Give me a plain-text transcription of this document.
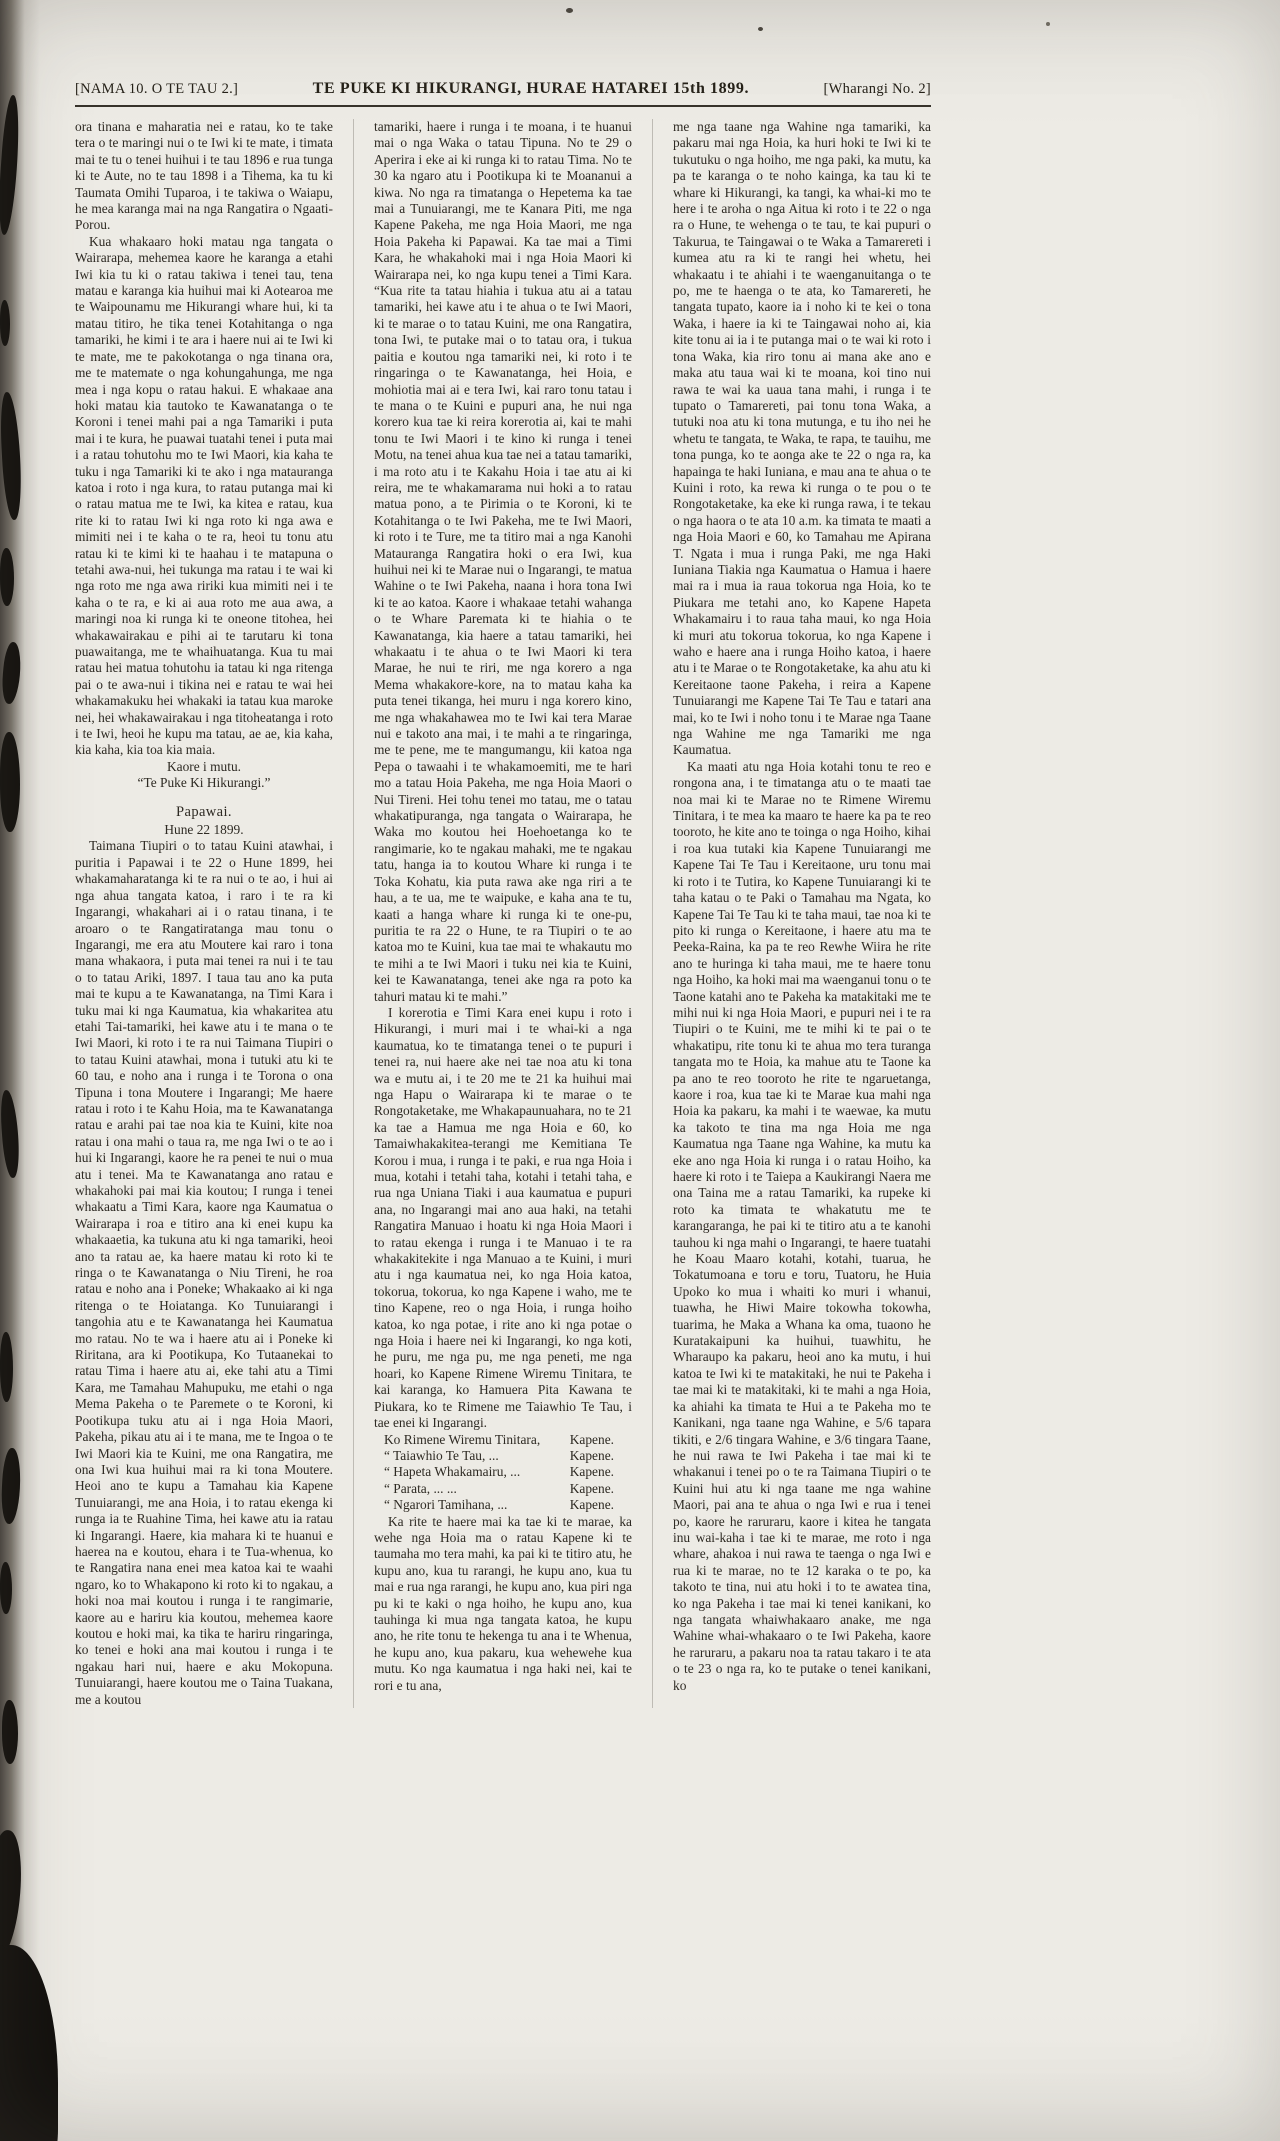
[NAMA 10. O TE TAU 2.]	TE PUKE KI HIKURANGI, HURAE HATAREI 15th 1899.	[Wharangi No. 2]
ora tinana e maharatia nei e ratau, ko te take tera o te maringi nui o te Iwi ki te mate, i timata mai te tu o tenei huihui i te tau 1896 e rua tunga ki te Aute, no te tau 1898 i a Tihema, ka tu ki Taumata Omihi Tuparoa, i te takiwa o Waiapu, he mea karanga mai na nga Rangatira o Ngaati-Porou.
Kua whakaaro hoki matau nga tangata o Wairarapa, mehemea kaore he karanga a etahi Iwi kia tu ki o ratau takiwa i tenei tau, tena matau e karanga kia huihui mai ki Aotearoa me te Waipounamu me Hikurangi whare hui, ki ta matau titiro, he tika tenei Kotahitanga o nga tamariki, he kimi i te ara i haere nui ai te Iwi ki te mate, me te pakokotanga o nga tinana ora, me te matemate o nga kohungahunga, me nga mea i nga kopu o ratau hakui. E whakaae ana hoki matau kia tautoko te Kawanatanga o te Koroni i tenei mahi pai a nga Tamariki i puta mai i te kura, he puawai tuatahi tenei i puta mai i a ratau tohutohu mo te Iwi Maori, kia kaha te tuku i nga Tamariki ki te ako i nga matauranga katoa i roto i nga kura, to ratau putanga mai ki o ratau matua me te Iwi, ka kitea e ratau, kua rite ki to ratau Iwi ki nga roto ki nga awa e mimiti nei i te kaha o te ra, heoi tu tonu atu ratau ki te kimi ki te haahau i te matapuna o tetahi awa-nui, hei tukunga ma ratau i te wai ki nga roto me nga awa ririki kua mimiti nei i te kaha o te ra, e ki ai aua roto me aua awa, a maringi noa ki runga ki te oneone titohea, hei whakawairakau e pihi ai te tarutaru ki tona puawaitanga, me te whaihuatanga. Kua tu mai ratau hei matua tohutohu ia tatau ki nga ritenga pai o te awa-nui i tikina nei e ratau te wai hei whakamakuku hei whakaki ia tatau kua maroke nei, hei whakawairakau i nga titoheatanga i roto i te Iwi, heoi he kupu ma tatau, ae ae, kia kaha, kia kaha, kia toa kia maia.
Kaore i mutu.
“Te Puke Ki Hikurangi.”
Papawai.
Hune 22 1899.
Taimana Tiupiri o to tatau Kuini atawhai, i puritia i Papawai i te 22 o Hune 1899, hei whakamaharatanga ki te ra nui o te ao, i hui ai nga ahua tangata katoa, i raro i te ra ki Ingarangi, whakahari ai i o ratau tinana, i te aroaro o te Rangatiratanga mau tonu o Ingarangi, me era atu Moutere kai raro i tona mana whakaora, i puta mai tenei ra nui i te tau o to tatau Ariki, 1897. I taua tau ano ka puta mai te kupu a te Kawanatanga, na Timi Kara i tuku mai ki nga Kaumatua, kia whakaritea atu etahi Tai-tamariki, hei kawe atu i te mana o te Iwi Maori, ki roto i te ra nui Taimana Tiupiri o to tatau Kuini atawhai, mona i tutuki atu ki te 60 tau, e noho ana i runga i te Torona o ona Tipuna i tona Moutere i Ingarangi; Me haere ratau i roto i te Kahu Hoia, ma te Kawanatanga ratau e arahi pai tae noa kia te Kuini, kite noa ratau i ona mahi o taua ra, me nga Iwi o te ao i hui ki Ingarangi, kaore he ra penei te nui o mua atu i tenei. Ma te Kawanatanga ano ratau e whakahoki pai mai kia koutou; I runga i tenei whakaatu a Timi Kara, kaore nga Kaumatua o Wairarapa i roa e titiro ana ki enei kupu ka whakaaetia, ka tukuna atu ki nga tamariki, heoi ano ta ratau ae, ka haere matau ki roto ki te ringa o te Kawanatanga o Niu Tireni, he roa ratau e noho ana i Poneke; Whakaako ai ki nga ritenga o te Hoiatanga. Ko Tunuiarangi i tangohia atu e te Kawanatanga hei Kaumatua mo ratau. No te wa i haere atu ai i Poneke ki Riritana, ara ki Pootikupa, Ko Tutaanekai to ratau Tima i haere atu ai, eke tahi atu a Timi Kara, me Tamahau Mahupuku, me etahi o nga Mema Pakeha o te Paremete o te Koroni, ki Pootikupa tuku atu ai i nga Hoia Maori, Pakeha, pikau atu ai i te mana, me te Ingoa o te Iwi Maori kia te Kuini, me ona Rangatira, me ona Iwi kua huihui mai ra ki tona Moutere. Heoi ano te kupu a Tamahau kia Kapene Tunuiarangi, me ana Hoia, i to ratau ekenga ki runga ia te Ruahine Tima, hei kawe atu ia ratau ki Ingarangi. Haere, kia mahara ki te huanui e haerea na e koutou, ehara i te Tua-whenua, ko te Rangatira nana enei mea katoa kai te waahi ngaro, ko to Whakapono ki roto ki to ngakau, a hoki noa mai koutou i runga i te rangimarie, kaore au e hariru kia koutou, mehemea kaore koutou e hoki mai, ka tika te hariru ringaringa, ko tenei e hoki ana mai koutou i runga i te ngakau hari nui, haere e aku Mokopuna. Tunuiarangi, haere koutou me o Taina Tuakana, me a koutou
tamariki, haere i runga i te moana, i te huanui mai o nga Waka o tatau Tipuna. No te 29 o Aperira i eke ai ki runga ki to ratau Tima. No te 30 ka ngaro atu i Pootikupa ki te Moananui a kiwa. No nga ra timatanga o Hepetema ka tae mai a Tunuiarangi, me te Kanara Piti, me nga Kapene Pakeha, me nga Hoia Maori, me nga Hoia Pakeha ki Papawai. Ka tae mai a Timi Kara, he whakahoki mai i nga Hoia Maori ki Wairarapa nei, ko nga kupu tenei a Timi Kara. “Kua rite ta tatau hiahia i tukua atu ai a tatau tamariki, hei kawe atu i te ahua o te Iwi Maori, ki te marae o to tatau Kuini, me ona Rangatira, tona Iwi, te putake mai o to tatau ora, i tukua paitia e koutou nga tamariki nei, ki roto i te ringaringa o te Kawanatanga, hei Hoia, e mohiotia mai ai e tera Iwi, kai raro tonu tatau i te mana o te Kuini e pupuri ana, he nui nga korero kua tae ki reira korerotia ai, kai te mahi tonu te Iwi Maori i te kino ki runga i tenei Motu, na tenei ahua kua tae nei a tatau tamariki, i ma roto atu i te Kakahu Hoia i tae atu ai ki reira, me te whakamarama nui hoki a to ratau matua pono, a te Pirimia o te Koroni, ki te Kotahitanga o te Iwi Pakeha, me te Iwi Maori, ki roto i te Ture, me ta titiro mai a nga Kanohi Matauranga Rangatira hoki o era Iwi, kua huihui nei ki te Marae nui o Ingarangi, te matua Wahine o te Iwi Pakeha, naana i hora tona Iwi ki te ao katoa. Kaore i whakaae tetahi wahanga o te Whare Paremata ki te hiahia o te Kawanatanga, kia haere a tatau tamariki, hei whakaatu i te ahua o te Iwi Maori ki tera Marae, he nui te riri, me nga korero a nga Mema whakakore-kore, na to matau kaha ka puta tenei tikanga, hei muru i nga korero kino, me nga whakahawea mo te Iwi kai tera Marae nui e takoto ana mai, i te mahi a te ringaringa, me te pene, me te mangumangu, kii katoa nga Pepa o tawaahi i te whakamoemiti, me te hari mo a tatau Hoia Pakeha, me nga Hoia Maori o Nui Tireni. Hei tohu tenei mo tatau, me o tatau whakatipuranga, nga tangata o Wairarapa, he Waka mo koutou hei Hoehoetanga ko te rangimarie, ko te ngakau mahaki, me te ngakau tatu, hanga ia to koutou Whare ki runga i te Toka Kohatu, kia puta rawa ake nga riri a te hau, a te ua, me te waipuke, e kaha ana te tu, kaati a hanga whare ki runga ki te one-pu, puritia te ra 22 o Hune, te ra Tiupiri o te ao katoa mo te Kuini, kua tae mai te whakautu mo te mihi a te Iwi Maori i tuku nei kia te Kuini, kei te Kawanatanga, tenei ake nga ra poto ka tahuri matau ki te mahi.”
I korerotia e Timi Kara enei kupu i roto i Hikurangi, i muri mai i te whai-ki a nga kaumatua, ko te timatanga tenei o te pupuri i tenei ra, nui haere ake nei tae noa atu ki tona wa e mutu ai, i te 20 me te 21 ka huihui mai nga Hapu o Wairarapa ki te marae o te Rongotaketake, me Whakapaunuahara, no te 21 ka tae a Hamua me nga Hoia e 60, ko Tamaiwhakakitea-terangi me Kemitiana Te Korou i mua, i runga i te paki, e rua nga Hoia i mua, kotahi i tetahi taha, kotahi i tetahi taha, e rua nga Uniana Tiaki i aua kaumatua e pupuri ana, no Ingarangi mai ano aua haki, na tetahi Rangatira Manuao i hoatu ki nga Hoia Maori i to ratau ekenga i runga i te Manuao i te ra whakakitekite i nga Manuao a te Kuini, i muri atu i nga kaumatua nei, ko nga Hoia katoa, tokorua, tokorua, ko nga Kapene i waho, me te tino Kapene, reo o nga Hoia, i runga hoiho katoa, ko nga potae, i rite ano ki nga potae o nga Hoia i haere nei ki Ingarangi, ko nga koti, he puru, me nga pu, me nga peneti, me nga hoari, ko Kapene Rimene Wiremu Tinitara, te kai karanga, ko Hamuera Pita Kawana te Piukara, ko te Rimene me Taiawhio Te Tau, i tae enei ki Ingarangi.
Ko Rimene Wiremu Tinitara, Kapene.
“ Taiawhio Te Tau, ...	Kapene.
“ Hapeta Whakamairu, ...	Kapene.
“ Parata, ... ...	Kapene.
“ Ngarori Tamihana, ...	Kapene.
Ka rite te haere mai ka tae ki te marae, ka wehe nga Hoia ma o ratau Kapene ki te taumaha mo tera mahi, ka pai ki te titiro atu, he kupu ano, kua tu rarangi, he kupu ano, kua tu mai e rua nga rarangi, he kupu ano, kua piri nga pu ki te kaki o nga hoiho, he kupu ano, kua tauhinga ki mua nga tangata katoa, he kupu ano, he rite tonu te hekenga tu ana i te Whenua, he kupu ano, kua pakaru, kua wehewehe kua mutu. Ko nga kaumatua i nga haki nei, kai te rori e tu ana,
me nga taane nga Wahine nga tamariki, ka pakaru mai nga Hoia, ka huri hoki te Iwi ki te tukutuku o nga hoiho, me nga paki, ka mutu, ka pa te karanga o te noho kainga, ka tau ki te whare ki Hikurangi, ka tangi, ka whai-ki mo te here i te aroha o nga Aitua ki roto i te 22 o nga ra o Hune, te wehenga o te tau, te kai pupuri o Takurua, te Taingawai o te Waka a Tamarereti i kumea atu ra ki te rangi hei whetu, hei whakaatu i te ahiahi i te waenganuitanga o te po, me te haenga o te ata, ko Tamarereti, he tangata tupato, kaore ia i noho ki te kei o tona Waka, i haere ia ki te Taingawai noho ai, kia kite tonu ai ia i te putanga mai o te wai ki roto i tona Waka, kia riro tonu ai mana ake ano e maka atu taua wai ki te moana, koi tino nui rawa te wai ka uaua tana mahi, i runga i te tupato o Tamarereti, pai tonu tona Waka, a tutuki noa atu ki tona mutunga, e tu iho nei he whetu te tangata, te Waka, te rapa, te tauihu, me tona punga, ko te aonga ake te 22 o nga ra, ka hapainga te haki Iuniana, e mau ana te ahua o te Kuini i roto, ka rewa ki runga o te pou o te Rongotaketake, ka eke ki runga rawa, i te tekau o nga haora o te ata 10 a.m. ka timata te maati a nga Hoia Maori e 60, ko Tamahau me Apirana T. Ngata i mua i runga Paki, me nga Haki Iuniana Tiakia nga Kaumatua o Hamua i haere mai ra i mua ia raua tokorua nga Hoia, ko te Piukara me tetahi ano, ko Kapene Hapeta Whakamairu i to raua taha maui, ko nga Hoia ki muri atu tokorua tokorua, ko nga Kapene i waho e haere ana i runga Hoiho katoa, i haere atu i te Marae o te Rongotaketake, ka ahu atu ki Kereitaone taone Pakeha, i reira a Kapene Tunuiarangi me Kapene Tai Te Tau e tatari ana mai, ko te Iwi i noho tonu i te Marae nga Taane nga Wahine me nga Tamariki me nga Kaumatua.
Ka maati atu nga Hoia kotahi tonu te reo e rongona ana, i te timatanga atu o te maati tae noa mai ki te Marae no te Rimene Wiremu Tinitara, i te mea ka maaro te haere ka pa te reo tooroto, he kite ano te toinga o nga Hoiho, kihai i roa kua tutaki kia Kapene Tunuiarangi me Kapene Tai Te Tau i Kereitaone, uru tonu mai ki roto i te Tutira, ko Kapene Tunuiarangi ki te taha katau o te Paki o Tamahau ma Ngata, ko Kapene Tai Te Tau ki te taha maui, tae noa ki te pito ki runga o Kereitaone, i haere atu ma te Peeka-Raina, ka pa te reo Rewhe Wiira he rite ano te huringa ki taha maui, me te haere tonu nga Hoiho, ka hoki mai ma waenganui tonu o te Taone katahi ano te Pakeha ka matakitaki me te mihi nui ki nga Hoia Maori, e pupuri nei i te ra Tiupiri o te Kuini, me te mihi ki te pai o te whakatipu, rite tonu ki te ahua mo tera turanga tangata mo te Hoia, ka mahue atu te Taone ka pa ano te reo tooroto he rite te ngaruetanga, kaore i roa, kua tae ki te Marae kua mahi nga Hoia ka pakaru, ka mahi i te waewae, ka mutu ka takoto te tina ma nga Hoia me nga Kaumatua nga Taane nga Wahine, ka mutu ka eke ano nga Hoia ki runga i o ratau Hoiho, ka haere ki roto i te Taiepa a Kaukirangi Naera me ona Taina me a ratau Tamariki, ka rupeke ki roto ka timata te whakatutu me te karangaranga, he pai ki te titiro atu a te kanohi tauhou ki nga mahi o Ingarangi, te haere tuatahi he Koau Maaro kotahi, kotahi, tuarua, he Tokatumoana e toru e toru, Tuatoru, he Huia Upoko ko mua i whaiti ko muri i whanui, tuawha, he Hiwi Maire tokowha tokowha, tuarima, he Maka a Whana ka oma, tuaono he Kuratakaipuni ka huihui, tuawhitu, he Wharaupo ka pakaru, heoi ano ka mutu, i hui katoa te Iwi ki te matakitaki, he nui te Pakeha i tae mai ki te matakitaki, ki te mahi a nga Hoia, ka ahiahi ka timata te Hui a te Pakeha mo te Kanikani, nga taane nga Wahine, e 5/6 tapara tikiti, e 2/6 tingara Wahine, e 3/6 tingara Taane, he nui rawa te Iwi Pakeha i tae mai ki te whakanui i tenei po o te ra Taimana Tiupiri o te Kuini hui atu ki nga taane me nga wahine Maori, pai ana te ahua o nga Iwi e rua i tenei po, kaore he raruraru, kaore i kitea he tangata inu wai-kaha i tae ki te marae, me roto i nga whare, ahakoa i nui rawa te taenga o nga Iwi e rua ki te marae, no te 12 karaka o te po, ka takoto te tina, nui atu hoki i to te awatea tina, ko nga Pakeha i tae mai ki tenei kanikani, ko nga tangata whaiwhakaaro anake, me nga Wahine whai-whakaaro o te Iwi Pakeha, kaore he raruraru, a pakaru noa ta ratau takaro i te ata o te 23 o nga ra, ko te putake o tenei kanikani, ko
